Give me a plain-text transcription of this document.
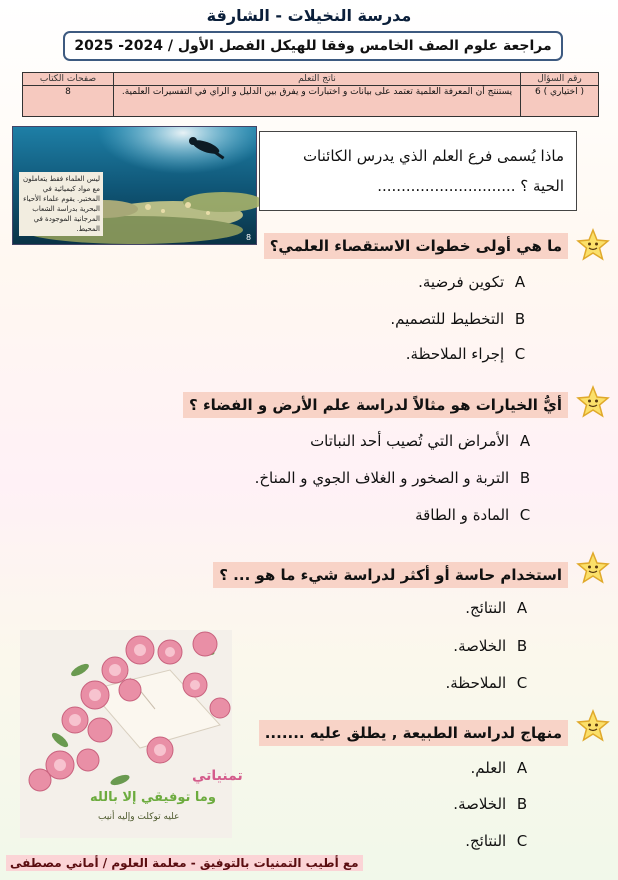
مدرسة النخيلات - الشارقة
مراجعة علوم الصف الخامس وفقا للهيكل الفصل الأول / 2024- 2025
رقم السؤال	ناتج التعلم	صفحات الكتاب
( اختياري ) 6	يستنتج أن المعرفة العلمية تعتمد على بيانات و اختبارات و يفرق بين الدليل و الراي في التفسيرات العلمية.	8
ليس العلماء فقط يتعاملون مع مواد كيميائية في المختبر. يقوم علماء الأحياء البحرية بدراسة الشعاب المرجانية الموجودة في المحيط.
8
ماذا يُسمى فرع العلم الذي يدرس الكائنات
الحية ؟ .............................
ما هي أولى خطوات الاستقصاء العلمي؟
A تكوين فرضية.
B التخطيط للتصميم.
C إجراء الملاحظة.
أيُّ الخيارات هو مثالاً لدراسة علم الأرض و الفضاء ؟
A الأمراض التي تُصيب أحد النباتات
B التربة و الصخور و الغلاف الجوي و المناخ.
C المادة و الطاقة
استخدام حاسة أو أكثر لدراسة شيء ما هو ... ؟
A النتائج.
B الخلاصة.
C الملاحظة.
منهاج لدراسة الطبيعة , يطلق عليه .......
A العلم.
B الخلاصة.
C النتائج.
تمنياتي
وما توفيقي إلا بالله
عليه توكلت وإليه أنيب
مع أطيب التمنيات بالتوفيق - معلمة العلوم / أماني مصطفى
